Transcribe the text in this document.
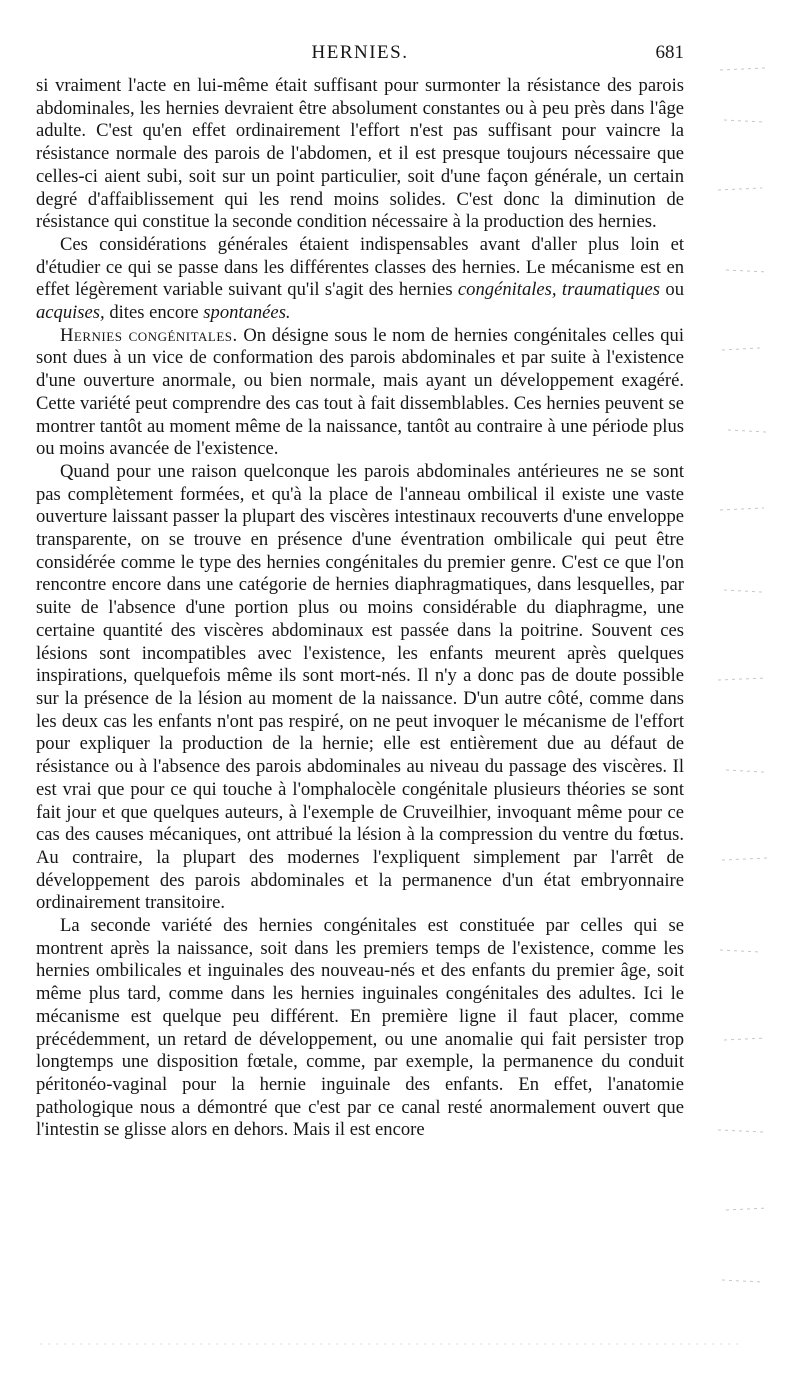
HERNIES.	681

si vraiment l'acte en lui-même était suffisant pour surmonter la résistance des parois abdominales, les hernies devraient être absolument constantes ou à peu près dans l'âge adulte. C'est qu'en effet ordinairement l'effort n'est pas suffisant pour vaincre la résistance normale des parois de l'abdomen, et il est presque toujours nécessaire que celles-ci aient subi, soit sur un point particulier, soit d'une façon générale, un certain degré d'affaiblissement qui les rend moins solides. C'est donc la diminution de résistance qui constitue la seconde condition nécessaire à la production des hernies.

Ces considérations générales étaient indispensables avant d'aller plus loin et d'étudier ce qui se passe dans les différentes classes des hernies. Le mécanisme est en effet légèrement variable suivant qu'il s'agit des hernies congénitales, traumatiques ou acquises, dites encore spontanées.

Hernies congénitales. On désigne sous le nom de hernies congénitales celles qui sont dues à un vice de conformation des parois abdominales et par suite à l'existence d'une ouverture anormale, ou bien normale, mais ayant un développement exagéré. Cette variété peut comprendre des cas tout à fait dissemblables. Ces hernies peuvent se montrer tantôt au moment même de la naissance, tantôt au contraire à une période plus ou moins avancée de l'existence.

Quand pour une raison quelconque les parois abdominales antérieures ne se sont pas complètement formées, et qu'à la place de l'anneau ombilical il existe une vaste ouverture laissant passer la plupart des viscères intestinaux recouverts d'une enveloppe transparente, on se trouve en présence d'une éventration ombilicale qui peut être considérée comme le type des hernies congénitales du premier genre. C'est ce que l'on rencontre encore dans une catégorie de hernies diaphragmatiques, dans lesquelles, par suite de l'absence d'une portion plus ou moins considérable du diaphragme, une certaine quantité des viscères abdominaux est passée dans la poitrine. Souvent ces lésions sont incompatibles avec l'existence, les enfants meurent après quelques inspirations, quelquefois même ils sont mort-nés. Il n'y a donc pas de doute possible sur la présence de la lésion au moment de la naissance. D'un autre côté, comme dans les deux cas les enfants n'ont pas respiré, on ne peut invoquer le mécanisme de l'effort pour expliquer la production de la hernie; elle est entièrement due au défaut de résistance ou à l'absence des parois abdominales au niveau du passage des viscères. Il est vrai que pour ce qui touche à l'omphalocèle congénitale plusieurs théories se sont fait jour et que quelques auteurs, à l'exemple de Cruveilhier, invoquant même pour ce cas des causes mécaniques, ont attribué la lésion à la compression du ventre du fœtus. Au contraire, la plupart des modernes l'expliquent simplement par l'arrêt de développement des parois abdominales et la permanence d'un état embryonnaire ordinairement transitoire.

La seconde variété des hernies congénitales est constituée par celles qui se montrent après la naissance, soit dans les premiers temps de l'existence, comme les hernies ombilicales et inguinales des nouveau-nés et des enfants du premier âge, soit même plus tard, comme dans les hernies inguinales congénitales des adultes. Ici le mécanisme est quelque peu différent. En première ligne il faut placer, comme précédemment, un retard de développement, ou une anomalie qui fait persister trop longtemps une disposition fœtale, comme, par exemple, la permanence du conduit péritonéo-vaginal pour la hernie inguinale des enfants. En effet, l'anatomie pathologique nous a démontré que c'est par ce canal resté anormalement ouvert que l'intestin se glisse alors en dehors. Mais il est encore
